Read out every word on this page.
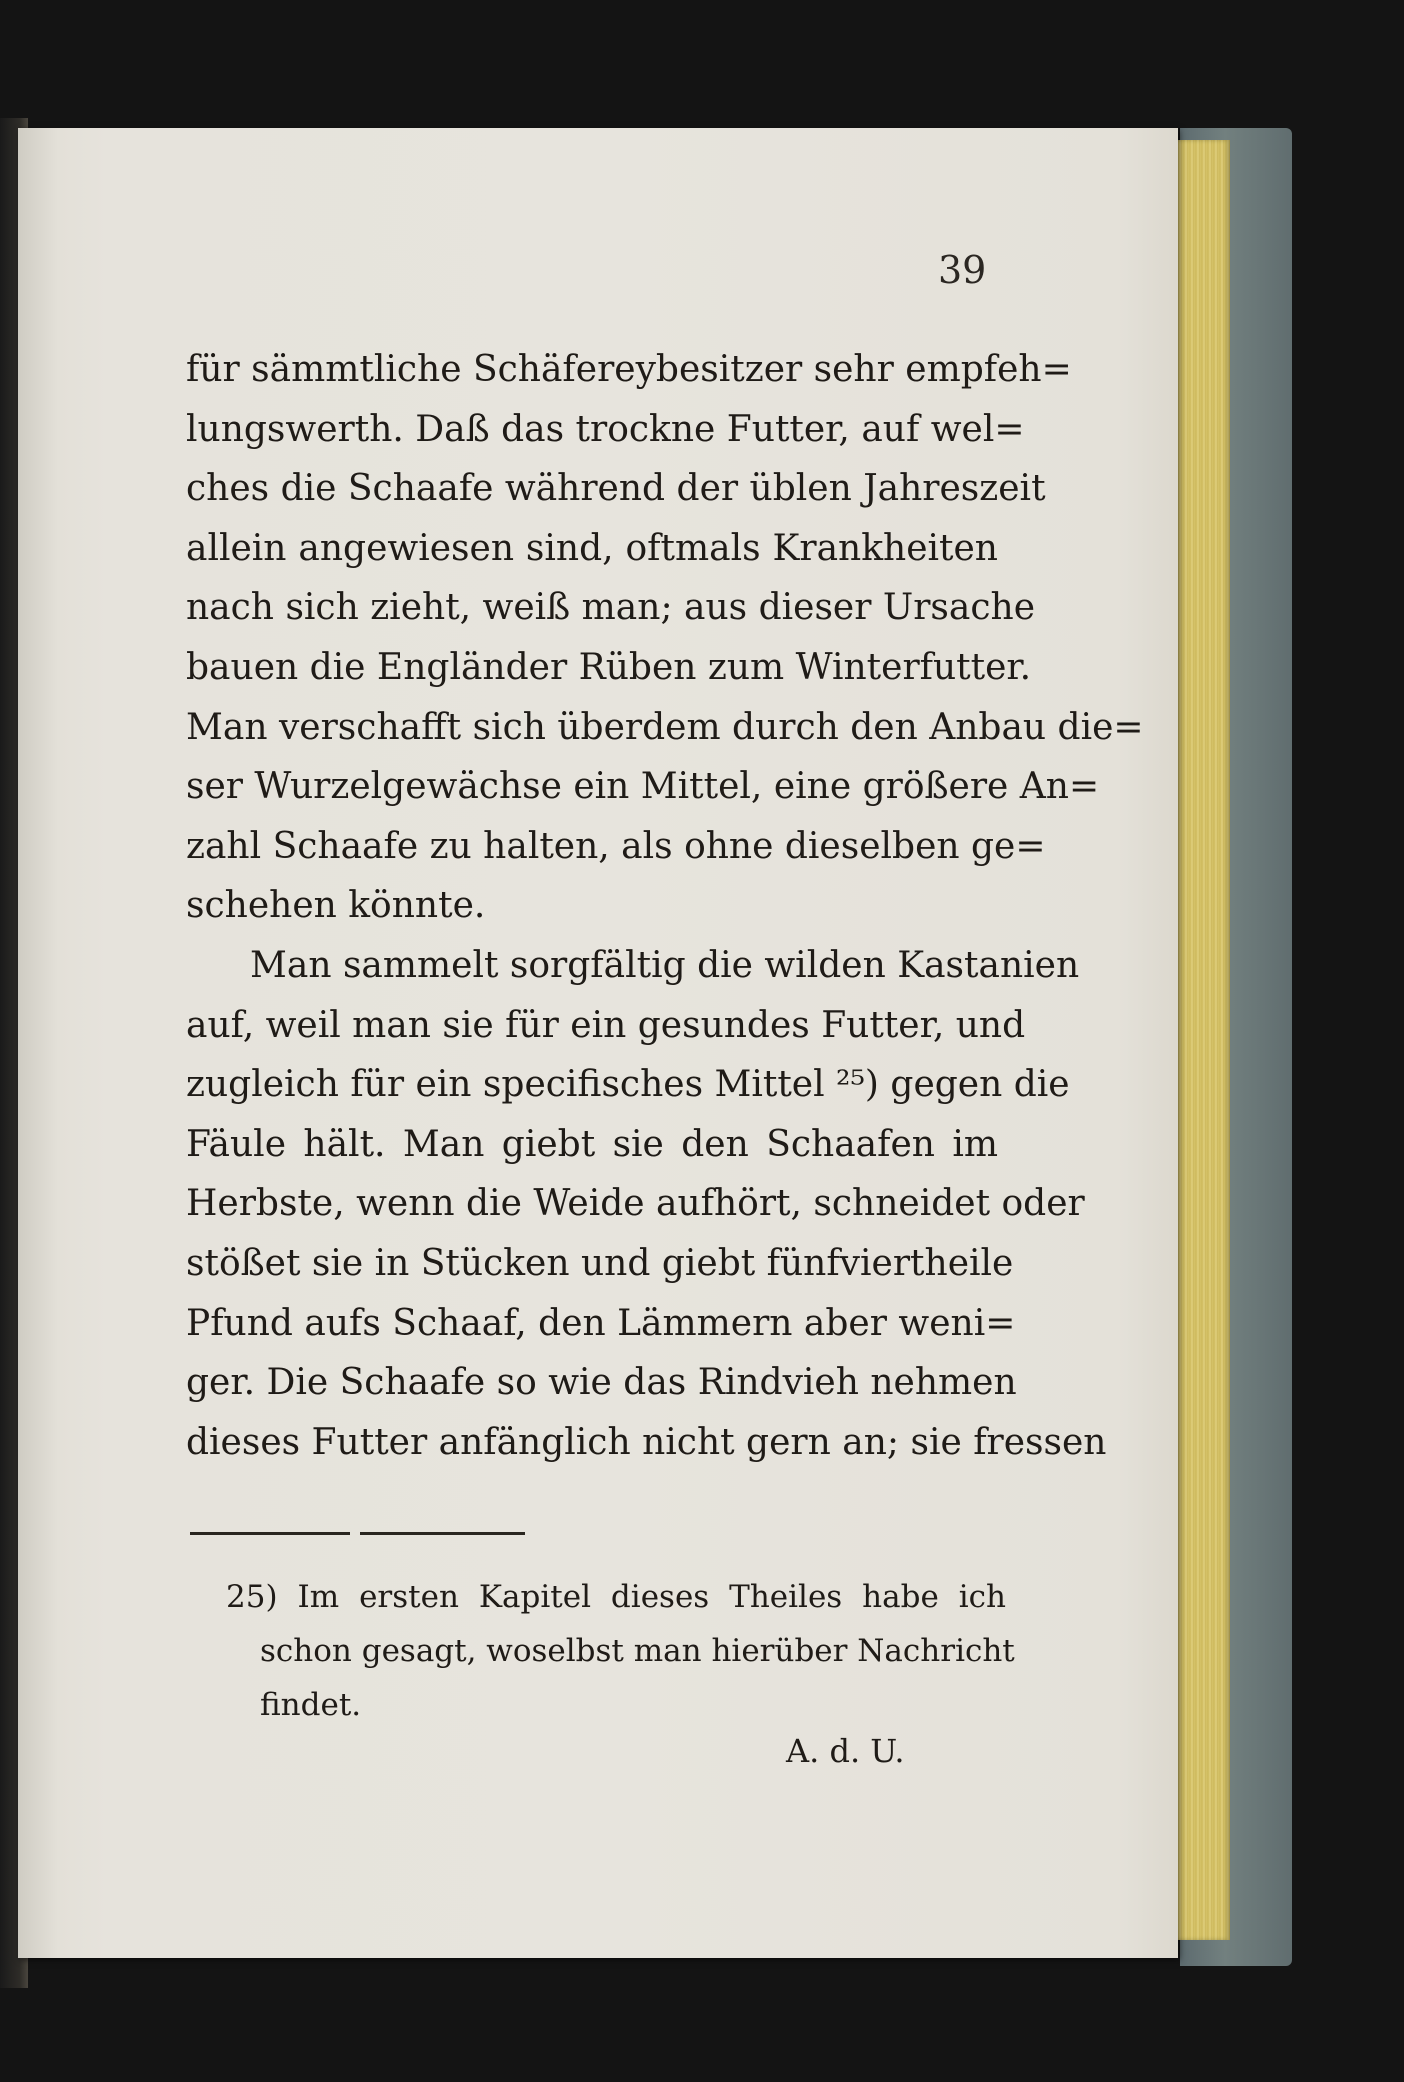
39
für sämmtliche Schäfereybesitzer sehr empfeh=
lungswerth. Daß das trockne Futter, auf wel=
ches die Schaafe während der üblen Jahreszeit
allein angewiesen sind, oftmals Krankheiten
nach sich zieht, weiß man; aus dieser Ursache
bauen die Engländer Rüben zum Winterfutter.
Man verschafft sich überdem durch den Anbau die=
ser Wurzelgewächse ein Mittel, eine größere An=
zahl Schaafe zu halten, als ohne dieselben ge=
schehen könnte.
Man sammelt sorgfältig die wilden Kastanien
auf, weil man sie für ein gesundes Futter, und
zugleich für ein specifisches Mittel ²⁵) gegen die
Fäule hält. Man giebt sie den Schaafen im
Herbste, wenn die Weide aufhört, schneidet oder
stößet sie in Stücken und giebt fünfviertheile
Pfund aufs Schaaf, den Lämmern aber weni=
ger. Die Schaafe so wie das Rindvieh nehmen
dieses Futter anfänglich nicht gern an; sie fressen
25) Im ersten Kapitel dieses Theiles habe ich
schon gesagt, woselbst man hierüber Nachricht
findet.
A. d. U.
